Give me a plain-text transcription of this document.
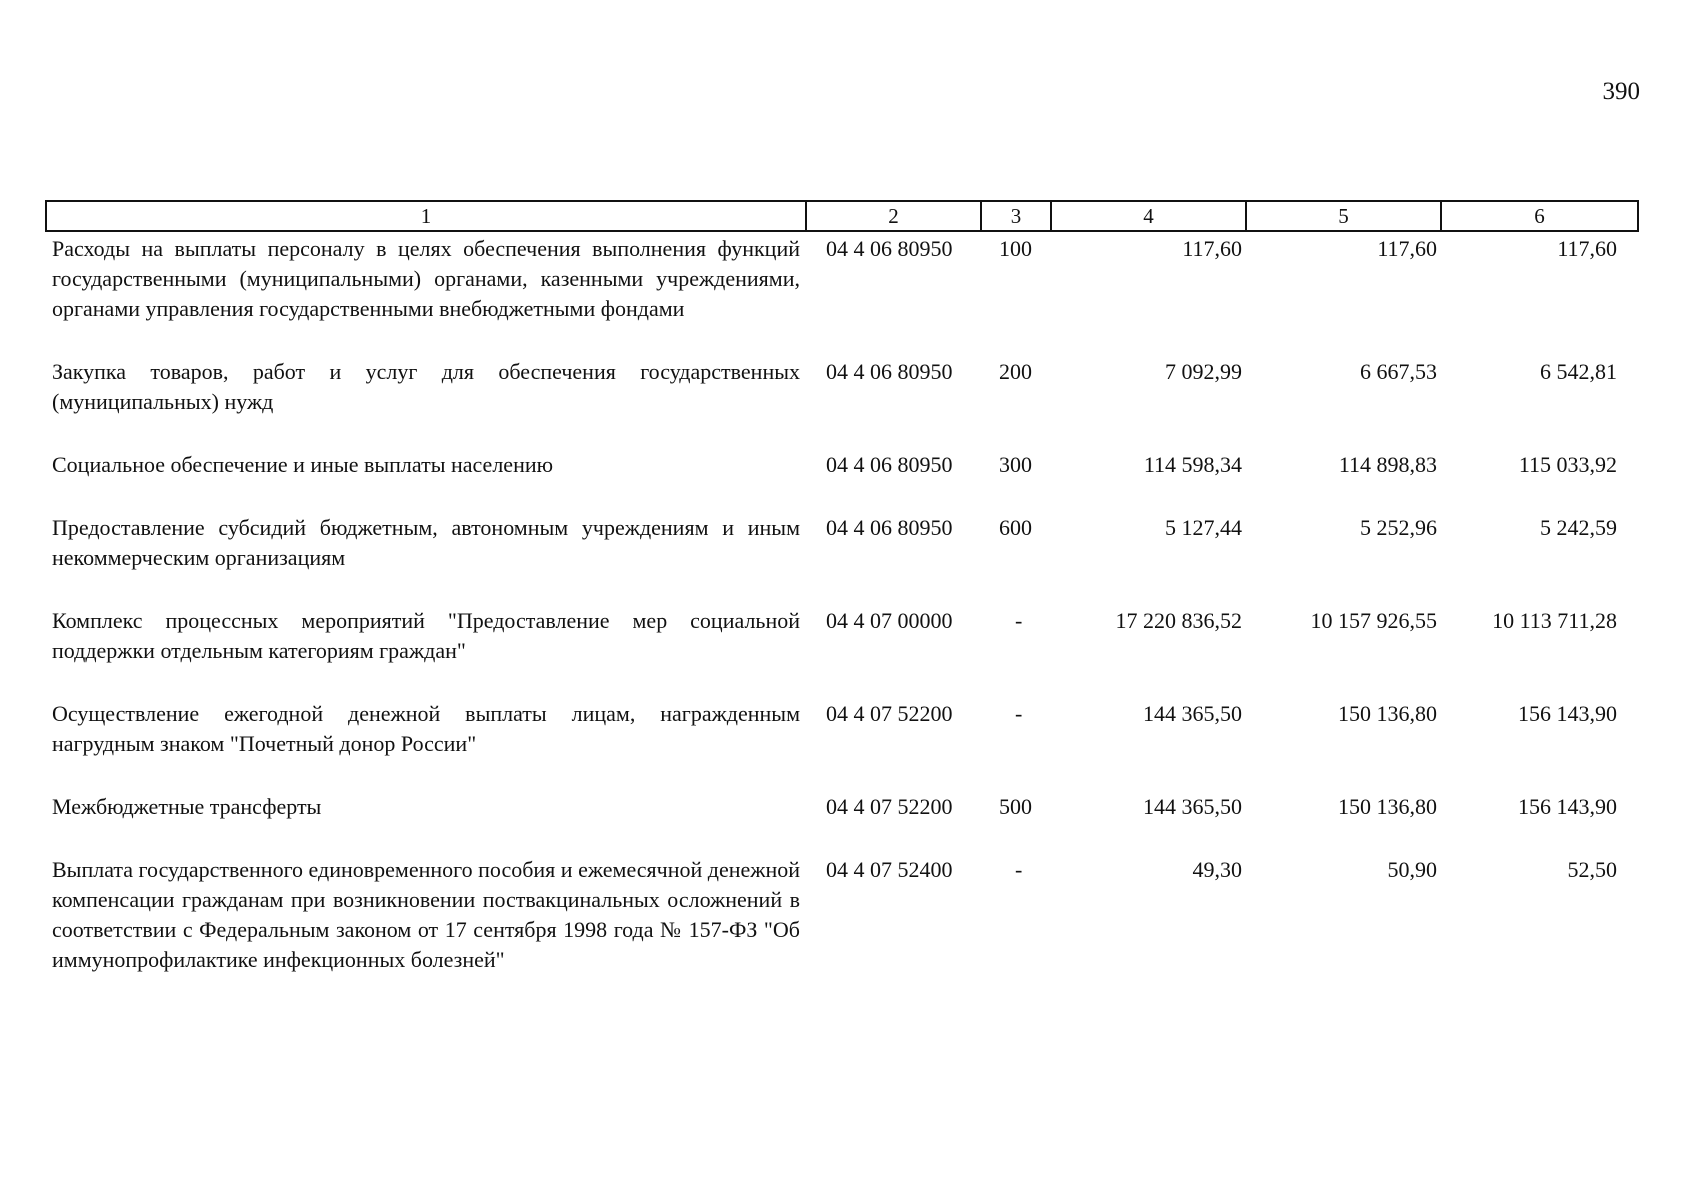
390
1	2	3	4	5	6
Расходы на выплаты персоналу в целях обеспечения выполнения функций государственными (муниципальными) органами, казенными учреждениями, органами управления государственными внебюджетными фондами	04 4 06 80950	100	117,60	117,60	117,60
Закупка товаров, работ и услуг для обеспечения государственных (муниципальных) нужд	04 4 06 80950	200	7 092,99	6 667,53	6 542,81
Социальное обеспечение и иные выплаты населению	04 4 06 80950	300	114 598,34	114 898,83	115 033,92
Предоставление субсидий бюджетным, автономным учреждениям и иным некоммерческим организациям	04 4 06 80950	600	5 127,44	5 252,96	5 242,59
Комплекс процессных мероприятий "Предоставление мер социальной поддержки отдельным категориям граждан"	04 4 07 00000	-	17 220 836,52	10 157 926,55	10 113 711,28
Осуществление ежегодной денежной выплаты лицам, награжденным нагрудным знаком "Почетный донор России"	04 4 07 52200	-	144 365,50	150 136,80	156 143,90
Межбюджетные трансферты	04 4 07 52200	500	144 365,50	150 136,80	156 143,90
Выплата государственного единовременного пособия и ежемесячной денежной компенсации гражданам при возникновении поствакцинальных осложнений в соответствии с Федеральным законом от 17 сентября 1998 года № 157-ФЗ "Об иммунопрофилактике инфекционных болезней"	04 4 07 52400	-	49,30	50,90	52,50
